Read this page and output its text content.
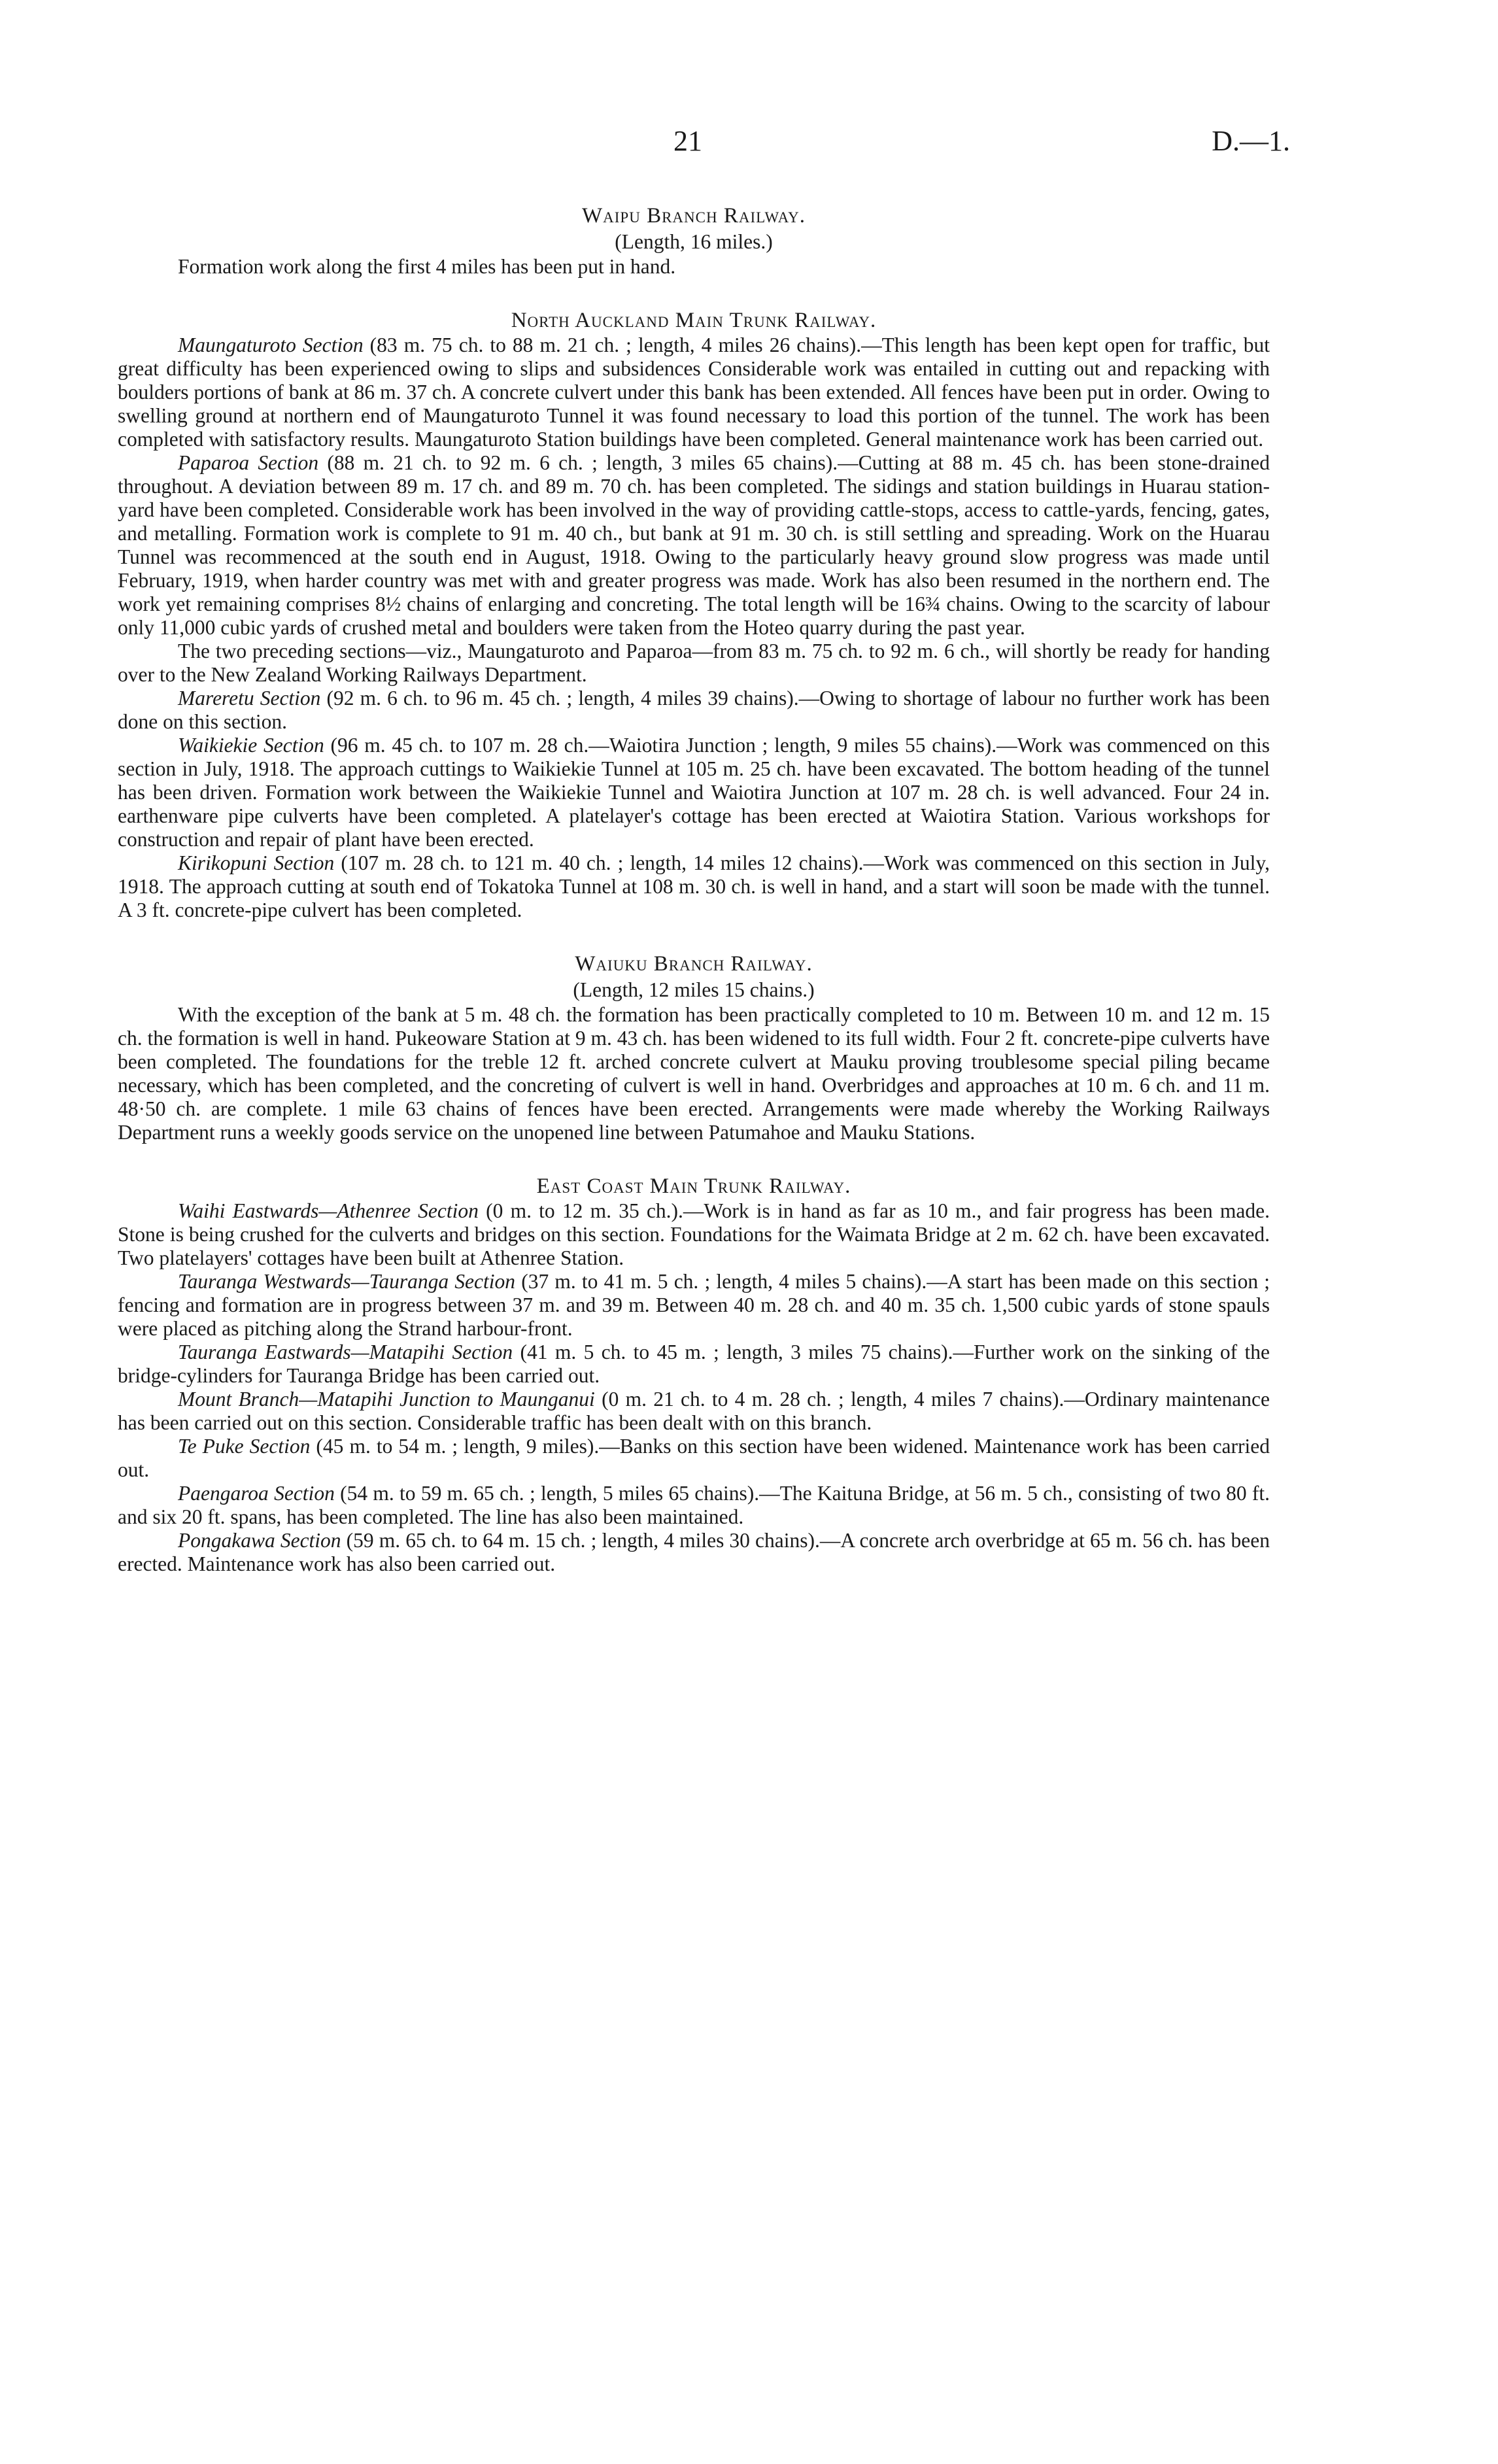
21	D.—1.
Waipu Branch Railway.

(Length, 16 miles.)

Formation work along the first 4 miles has been put in hand.

North Auckland Main Trunk Railway.

Maungaturoto Section (83 m. 75 ch. to 88 m. 21 ch. ; length, 4 miles 26 chains).—This length has been kept open for traffic, but great difficulty has been experienced owing to slips and subsidences Considerable work was entailed in cutting out and repacking with boulders portions of bank at 86 m. 37 ch. A concrete culvert under this bank has been extended. All fences have been put in order. Owing to swelling ground at northern end of Maungaturoto Tunnel it was found necessary to load this portion of the tunnel. The work has been completed with satisfactory results. Maungaturoto Station buildings have been completed. General maintenance work has been carried out.

Paparoa Section (88 m. 21 ch. to 92 m. 6 ch. ; length, 3 miles 65 chains).—Cutting at 88 m. 45 ch. has been stone-drained throughout. A deviation between 89 m. 17 ch. and 89 m. 70 ch. has been completed. The sidings and station buildings in Huarau station-yard have been completed. Considerable work has been involved in the way of providing cattle-stops, access to cattle-yards, fencing, gates, and metalling. Formation work is complete to 91 m. 40 ch., but bank at 91 m. 30 ch. is still settling and spreading. Work on the Huarau Tunnel was recommenced at the south end in August, 1918. Owing to the particularly heavy ground slow progress was made until February, 1919, when harder country was met with and greater progress was made. Work has also been resumed in the northern end. The work yet remaining comprises 8½ chains of enlarging and concreting. The total length will be 16¾ chains. Owing to the scarcity of labour only 11,000 cubic yards of crushed metal and boulders were taken from the Hoteo quarry during the past year.

The two preceding sections—viz., Maungaturoto and Paparoa—from 83 m. 75 ch. to 92 m. 6 ch., will shortly be ready for handing over to the New Zealand Working Railways Department.

Mareretu Section (92 m. 6 ch. to 96 m. 45 ch. ; length, 4 miles 39 chains).—Owing to shortage of labour no further work has been done on this section.

Waikiekie Section (96 m. 45 ch. to 107 m. 28 ch.—Waiotira Junction ; length, 9 miles 55 chains).—Work was commenced on this section in July, 1918. The approach cuttings to Waikiekie Tunnel at 105 m. 25 ch. have been excavated. The bottom heading of the tunnel has been driven. Formation work between the Waikiekie Tunnel and Waiotira Junction at 107 m. 28 ch. is well advanced. Four 24 in. earthenware pipe culverts have been completed. A platelayer's cottage has been erected at Waiotira Station. Various workshops for construction and repair of plant have been erected.

Kirikopuni Section (107 m. 28 ch. to 121 m. 40 ch. ; length, 14 miles 12 chains).—Work was commenced on this section in July, 1918. The approach cutting at south end of Tokatoka Tunnel at 108 m. 30 ch. is well in hand, and a start will soon be made with the tunnel. A 3 ft. concrete-pipe culvert has been completed.

Waiuku Branch Railway.

(Length, 12 miles 15 chains.)

With the exception of the bank at 5 m. 48 ch. the formation has been practically completed to 10 m. Between 10 m. and 12 m. 15 ch. the formation is well in hand. Pukeoware Station at 9 m. 43 ch. has been widened to its full width. Four 2 ft. concrete-pipe culverts have been completed. The foundations for the treble 12 ft. arched concrete culvert at Mauku proving troublesome special piling became necessary, which has been completed, and the concreting of culvert is well in hand. Overbridges and approaches at 10 m. 6 ch. and 11 m. 48·50 ch. are complete. 1 mile 63 chains of fences have been erected. Arrangements were made whereby the Working Railways Department runs a weekly goods service on the unopened line between Patumahoe and Mauku Stations.

East Coast Main Trunk Railway.

Waihi Eastwards—Athenree Section (0 m. to 12 m. 35 ch.).—Work is in hand as far as 10 m., and fair progress has been made. Stone is being crushed for the culverts and bridges on this section. Foundations for the Waimata Bridge at 2 m. 62 ch. have been excavated. Two platelayers' cottages have been built at Athenree Station.

Tauranga Westwards—Tauranga Section (37 m. to 41 m. 5 ch. ; length, 4 miles 5 chains).—A start has been made on this section ; fencing and formation are in progress between 37 m. and 39 m. Between 40 m. 28 ch. and 40 m. 35 ch. 1,500 cubic yards of stone spauls were placed as pitching along the Strand harbour-front.

Tauranga Eastwards—Matapihi Section (41 m. 5 ch. to 45 m. ; length, 3 miles 75 chains).—Further work on the sinking of the bridge-cylinders for Tauranga Bridge has been carried out.

Mount Branch—Matapihi Junction to Maunganui (0 m. 21 ch. to 4 m. 28 ch. ; length, 4 miles 7 chains).—Ordinary maintenance has been carried out on this section. Considerable traffic has been dealt with on this branch.

Te Puke Section (45 m. to 54 m. ; length, 9 miles).—Banks on this section have been widened. Maintenance work has been carried out.

Paengaroa Section (54 m. to 59 m. 65 ch. ; length, 5 miles 65 chains).—The Kaituna Bridge, at 56 m. 5 ch., consisting of two 80 ft. and six 20 ft. spans, has been completed. The line has also been maintained.

Pongakawa Section (59 m. 65 ch. to 64 m. 15 ch. ; length, 4 miles 30 chains).—A concrete arch overbridge at 65 m. 56 ch. has been erected. Maintenance work has also been carried out.
